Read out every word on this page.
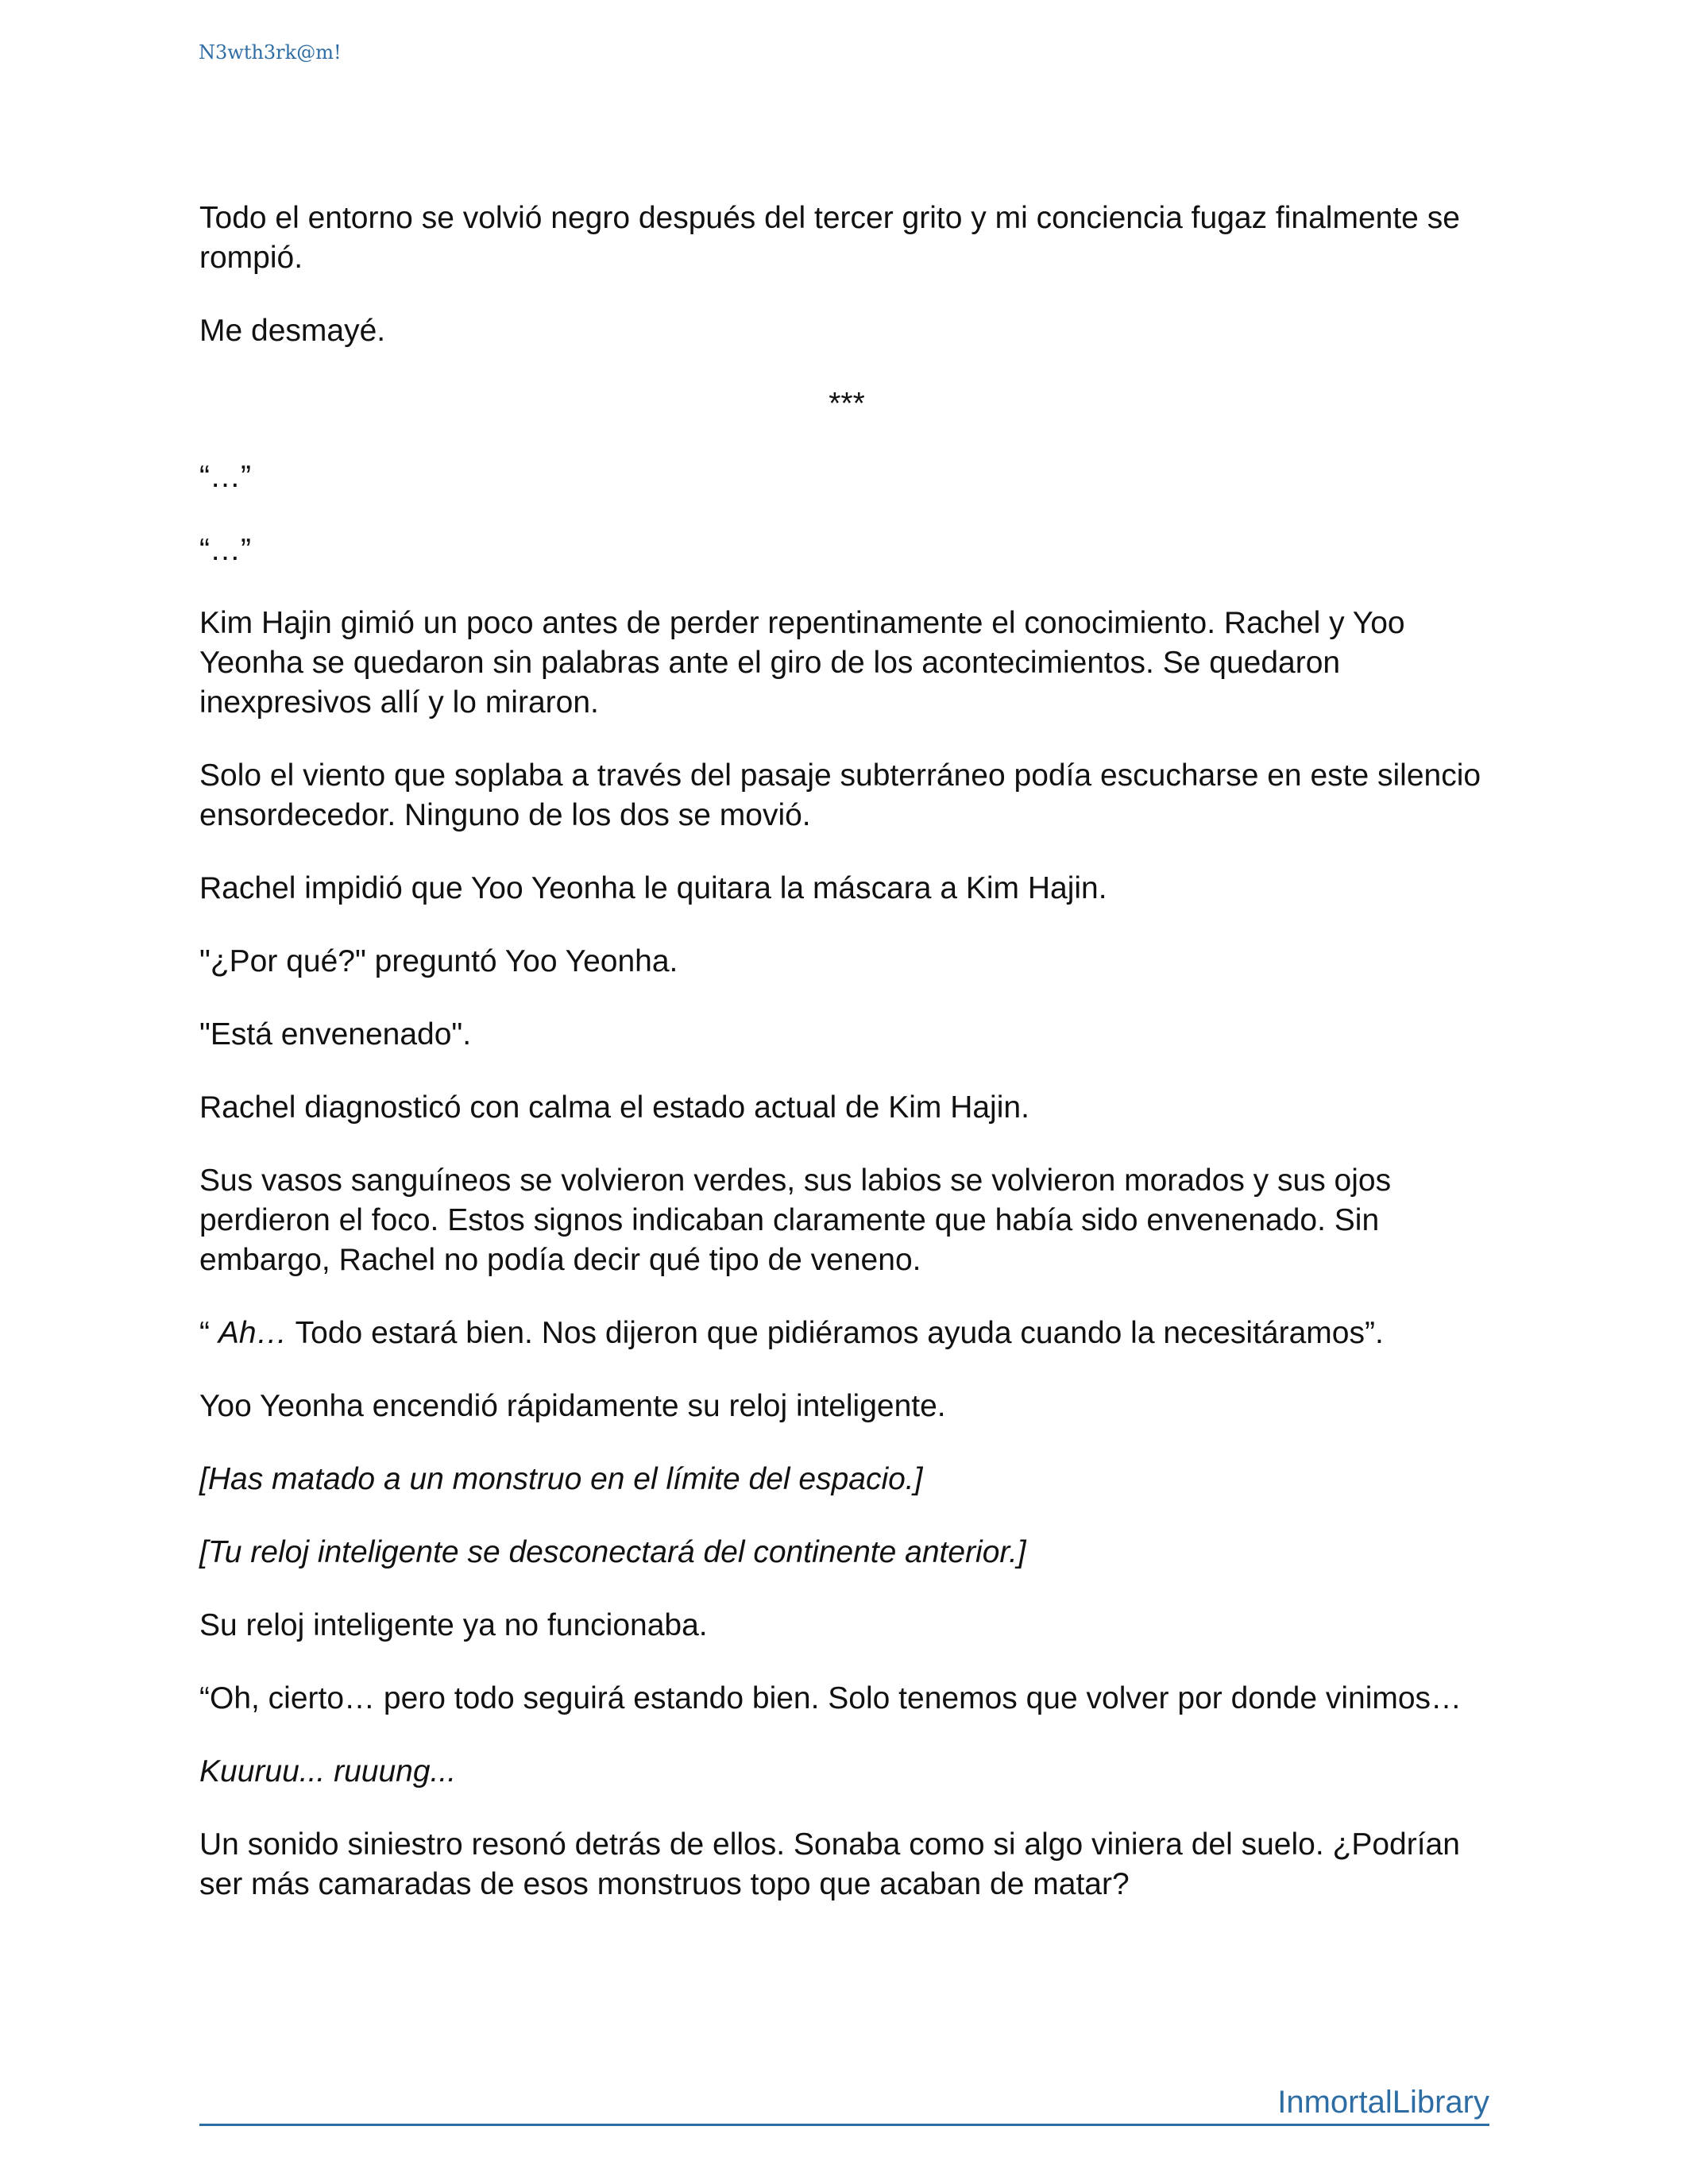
N3wth3rk@m!

Todo el entorno se volvió negro después del tercer grito y mi conciencia fugaz finalmente se rompió.

Me desmayé.

***

“…”

“…”

Kim Hajin gimió un poco antes de perder repentinamente el conocimiento. Rachel y Yoo Yeonha se quedaron sin palabras ante el giro de los acontecimientos. Se quedaron inexpresivos allí y lo miraron.

Solo el viento que soplaba a través del pasaje subterráneo podía escucharse en este silencio ensordecedor. Ninguno de los dos se movió.

Rachel impidió que Yoo Yeonha le quitara la máscara a Kim Hajin.

"¿Por qué?" preguntó Yoo Yeonha.

"Está envenenado".

Rachel diagnosticó con calma el estado actual de Kim Hajin.

Sus vasos sanguíneos se volvieron verdes, sus labios se volvieron morados y sus ojos perdieron el foco. Estos signos indicaban claramente que había sido envenenado. Sin embargo, Rachel no podía decir qué tipo de veneno.

“ Ah… Todo estará bien. Nos dijeron que pidiéramos ayuda cuando la necesitáramos”.

Yoo Yeonha encendió rápidamente su reloj inteligente.

[Has matado a un monstruo en el límite del espacio.]

[Tu reloj inteligente se desconectará del continente anterior.]

Su reloj inteligente ya no funcionaba.

“Oh, cierto… pero todo seguirá estando bien. Solo tenemos que volver por donde vinimos…

Kuuruu... ruuung...

Un sonido siniestro resonó detrás de ellos. Sonaba como si algo viniera del suelo. ¿Podrían ser más camaradas de esos monstruos topo que acaban de matar?

InmortalLibrary
